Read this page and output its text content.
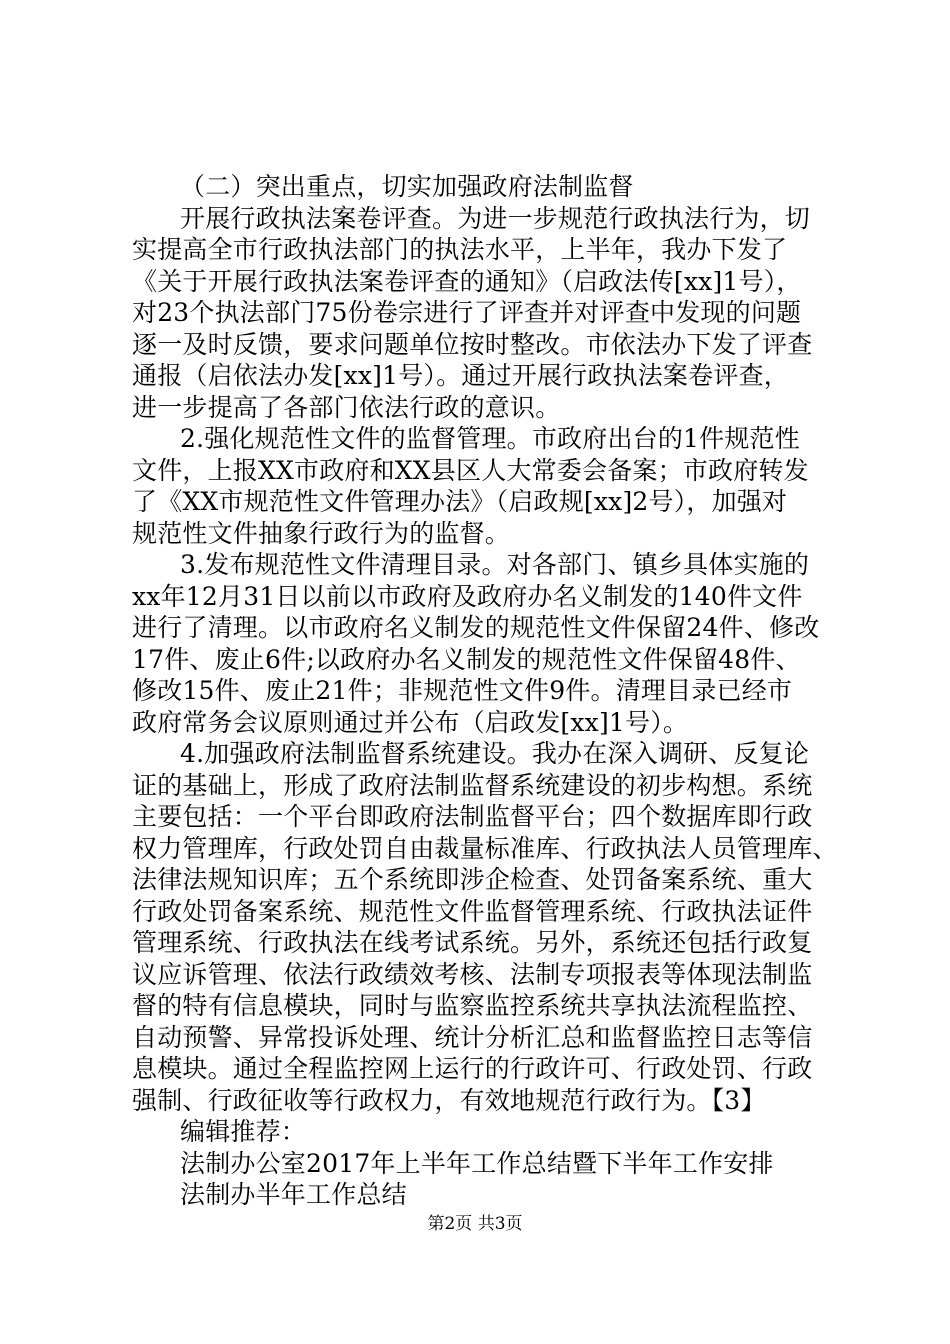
（二）突出重点，切实加强政府法制监督
开展行政执法案卷评查。为进一步规范行政执法行为，切
实提高全市行政执法部门的执法水平，上半年，我办下发了
《关于开展行政执法案卷评查的通知》（启政法传[xx]1号），
对23个执法部门75份卷宗进行了评查并对评查中发现的问题
逐一及时反馈，要求问题单位按时整改。市依法办下发了评查
通报（启依法办发[xx]1号）。通过开展行政执法案卷评查，
进一步提高了各部门依法行政的意识。
2.强化规范性文件的监督管理。市政府出台的1件规范性
文件，上报XX市政府和XX县区人大常委会备案；市政府转发
了《XX市规范性文件管理办法》（启政规[xx]2号），加强对
规范性文件抽象行政行为的监督。
3.发布规范性文件清理目录。对各部门、镇乡具体实施的
xx年12月31日以前以市政府及政府办名义制发的140件文件
进行了清理。以市政府名义制发的规范性文件保留24件、修改
17件、废止6件;以政府办名义制发的规范性文件保留48件、
修改15件、废止21件；非规范性文件9件。清理目录已经市
政府常务会议原则通过并公布（启政发[xx]1号）。
4.加强政府法制监督系统建设。我办在深入调研、反复论
证的基础上，形成了政府法制监督系统建设的初步构想。系统
主要包括：一个平台即政府法制监督平台；四个数据库即行政
权力管理库，行政处罚自由裁量标准库、行政执法人员管理库、
法律法规知识库；五个系统即涉企检查、处罚备案系统、重大
行政处罚备案系统、规范性文件监督管理系统、行政执法证件
管理系统、行政执法在线考试系统。另外，系统还包括行政复
议应诉管理、依法行政绩效考核、法制专项报表等体现法制监
督的特有信息模块，同时与监察监控系统共享执法流程监控、
自动预警、异常投诉处理、统计分析汇总和监督监控日志等信
息模块。通过全程监控网上运行的行政许可、行政处罚、行政
强制、行政征收等行政权力，有效地规范行政行为。【3】
编辑推荐：
法制办公室2017年上半年工作总结暨下半年工作安排
法制办半年工作总结
第2页 共3页
